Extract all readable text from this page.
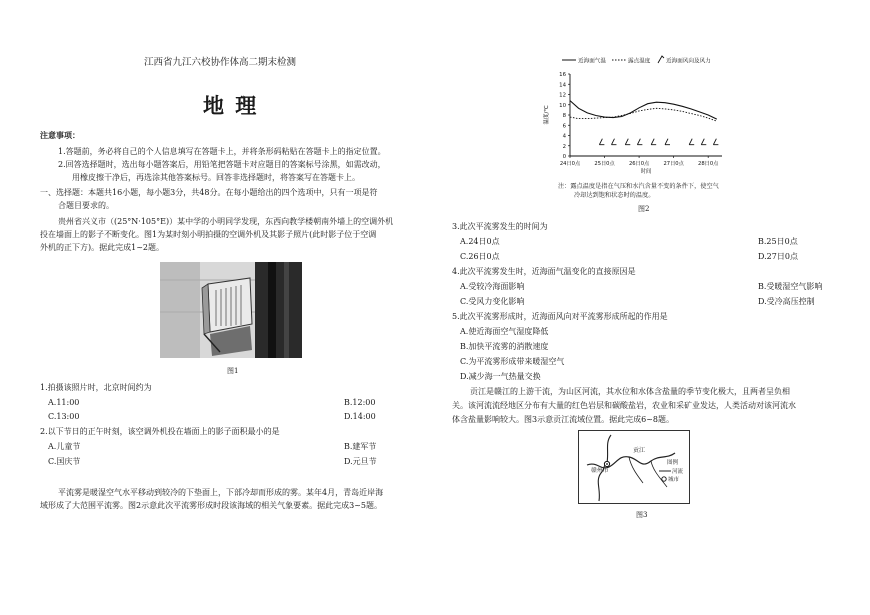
江西省九江六校协作体高二期末检测
地 理
注意事项：
1.答题前，务必将自己的个人信息填写在答题卡上，并将条形码粘贴在答题卡上的指定位置。
2.回答选择题时，选出每小题答案后，用铅笔把答题卡对应题目的答案标号涂黑，如需改动，
用橡皮擦干净后，再选涂其他答案标号。回答非选择题时，将答案写在答题卡上。
一、选择题：本题共16小题，每小题3分，共48分。在每小题给出的四个选项中，只有一项是符
合题目要求的。
贵州省兴义市（(25°N·105°E)）某中学的小明同学发现，东西向教学楼朝南外墙上的空调外机
投在墙面上的影子不断变化。图1为某时刻小明拍摄的空调外机及其影子照片(此时影子位于空调
外机的正下方)。据此完成1~2题。
图1
1.拍摄该照片时，北京时间约为
A.11:00	B.12:00
C.13:00	D.14:00
2.以下节日的正午时刻，该空调外机投在墙面上的影子面积最小的是
A.儿童节	B.建军节
C.国庆节	D.元旦节
平流雾是暖湿空气水平移动到较冷的下垫面上，下部冷却而形成的雾。某年4月，青岛近岸海
域形成了大范围平流雾。图2示意此次平流雾形成时段该海域的相关气象要素。据此完成3~5题。
近海面气温	露点温度	近海面风向及风力
0
2
4
6
8
10
12
14
16
24日0点	25日0点	26日0点	27日0点	28日0点
时间
温度/℃
注：露点温度是指在气压和水汽含量不变的条件下，使空气
冷却达到饱和状态时的温度。
图2
3.此次平流雾发生的时间为
A.24日0点	B.25日0点
C.26日0点	D.27日0点
4.此次平流雾发生时，近海面气温变化的直接原因是
A.受较冷海面影响	B.受暖湿空气影响
C.受风力变化影响	D.受冷高压控制
5.此次平流雾形成时，近海面风向对平流雾形成所起的作用是
A.使近海面空气湿度降低
B.加快平流雾的消散速度
C.为平流雾形成带来暖湿空气
D.减少海一气热量交换
贡江是赣江的上游干流，为山区河流，其水位和水体含盐量的季节变化极大，且两者呈负相
关。该河流流经地区分布有大量的红色岩层和碳酸盐岩，农业和采矿业发达，人类活动对该河流水
体含盐量影响较大。图3示意贡江流域位置。据此完成6~8题。
赣州市
贡江
图例
河流
城市
图3
